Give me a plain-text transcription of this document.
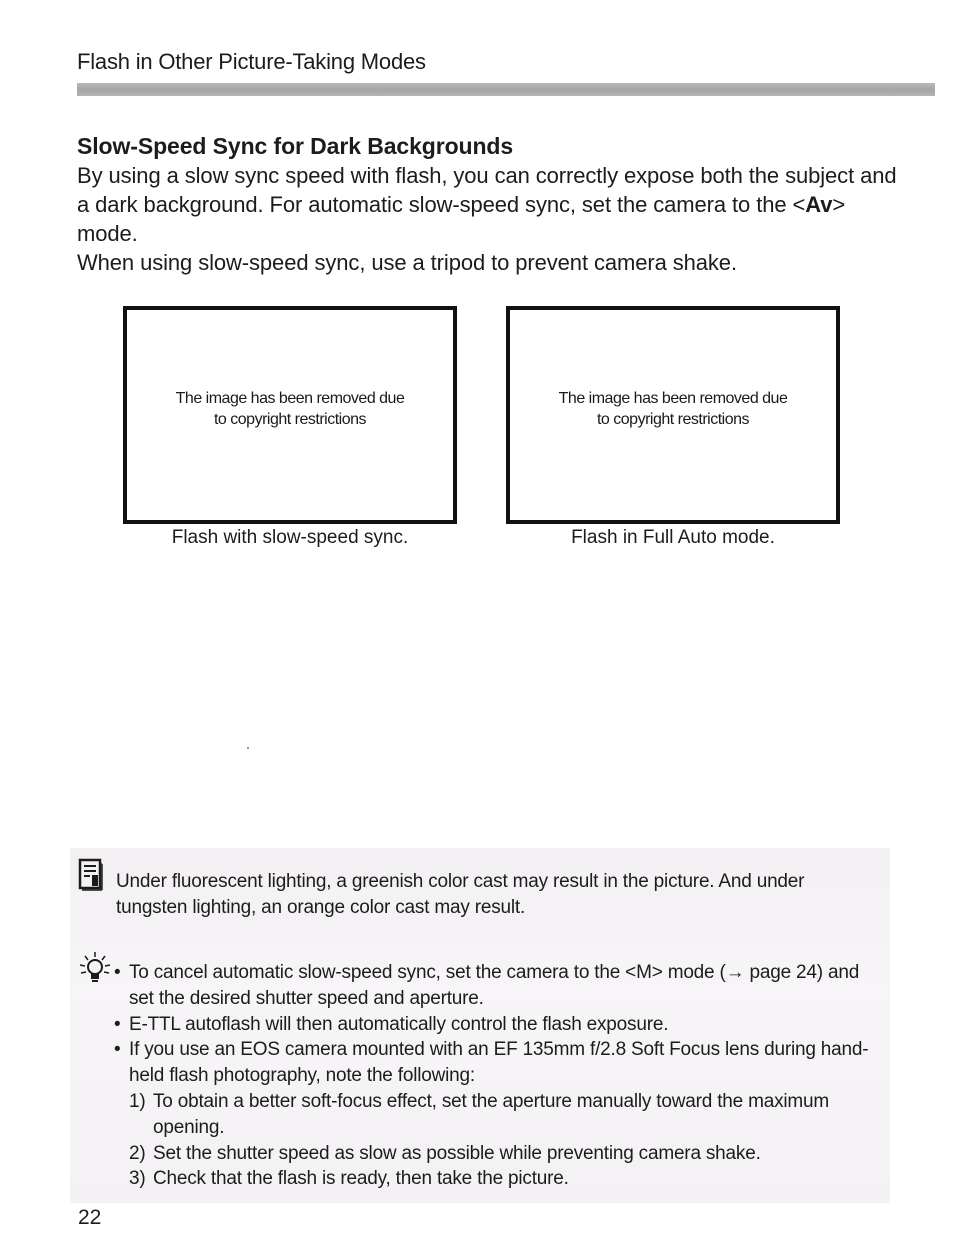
Flash in Other Picture-Taking Modes
Slow-Speed Sync for Dark Backgrounds

By using a slow sync speed with flash, you can correctly expose both the subject and a dark background. For automatic slow-speed sync, set the camera to the <Av> mode.

When using slow-speed sync, use a tripod to prevent camera shake.

The image has been removed due
to copyright restrictions
Flash with slow-speed sync.
The image has been removed due
to copyright restrictions
Flash in Full Auto mode.
Under fluorescent lighting, a greenish color cast may result in the picture. And under tungsten lighting, an orange color cast may result.
• To cancel automatic slow-speed sync, set the camera to the <M> mode (→ page 24) and set the desired shutter speed and aperture.
• E-TTL autoflash will then automatically control the flash exposure.
• If you use an EOS camera mounted with an EF 135mm f/2.8 Soft Focus lens during hand-held flash photography, note the following:
1) To obtain a better soft-focus effect, set the aperture manually toward the maximum opening.
2) Set the shutter speed as slow as possible while preventing camera shake.
3) Check that the flash is ready, then take the picture.
22
